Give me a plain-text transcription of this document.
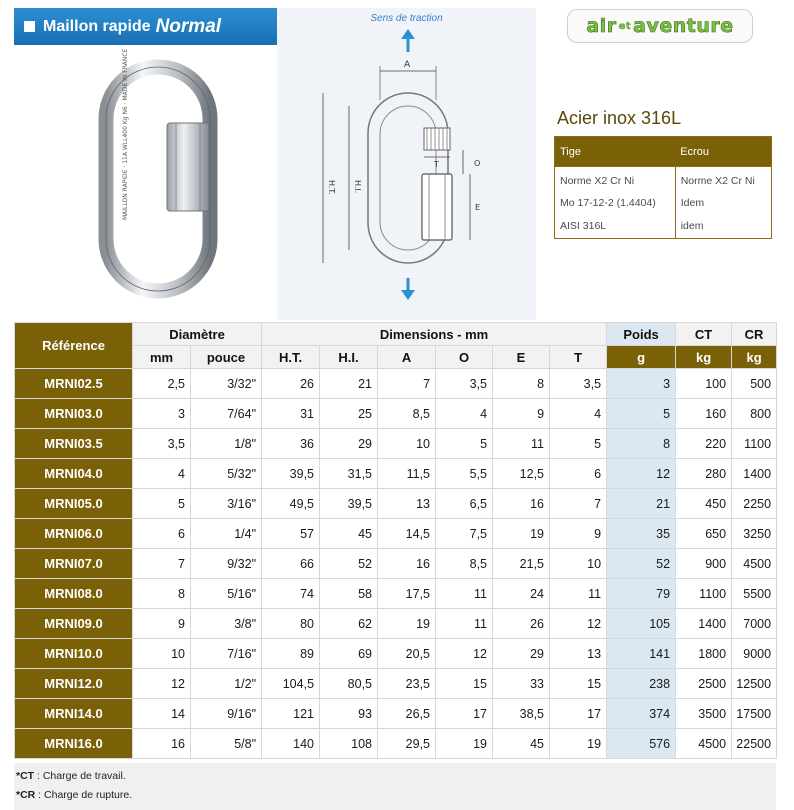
Maillon rapide Normal
MAILLON RAPIDE · 11A WLL400 Kg N6 · MADE IN FRANCE
Sens de traction
A
H.T. H.I.
T	O
E
air et aventure
Acier inox 316L
Tige	Ecrou
Norme X2 Cr Ni	Norme X2 Cr Ni
Mo 17-12-2 (1.4404)	Idem
AISI 316L	idem
Référence	Diamètre		Dimensions - mm						Poids	CT	CR
	mm	pouce	H.T.	H.I.	A	O	E	T	g	kg	kg
MRNI02.5	2,5	3/32"	26	21	7	3,5	8	3,5	3	100	500
MRNI03.0	3	7/64"	31	25	8,5	4	9	4	5	160	800
MRNI03.5	3,5	1/8"	36	29	10	5	11	5	8	220	1100
MRNI04.0	4	5/32"	39,5	31,5	11,5	5,5	12,5	6	12	280	1400
MRNI05.0	5	3/16"	49,5	39,5	13	6,5	16	7	21	450	2250
MRNI06.0	6	1/4"	57	45	14,5	7,5	19	9	35	650	3250
MRNI07.0	7	9/32"	66	52	16	8,5	21,5	10	52	900	4500
MRNI08.0	8	5/16"	74	58	17,5	11	24	11	79	1100	5500
MRNI09.0	9	3/8"	80	62	19	11	26	12	105	1400	7000
MRNI10.0	10	7/16"	89	69	20,5	12	29	13	141	1800	9000
MRNI12.0	12	1/2"	104,5	80,5	23,5	15	33	15	238	2500	12500
MRNI14.0	14	9/16"	121	93	26,5	17	38,5	17	374	3500	17500
MRNI16.0	16	5/8"	140	108	29,5	19	45	19	576	4500	22500
*CT : Charge de travail.
*CR : Charge de rupture.
